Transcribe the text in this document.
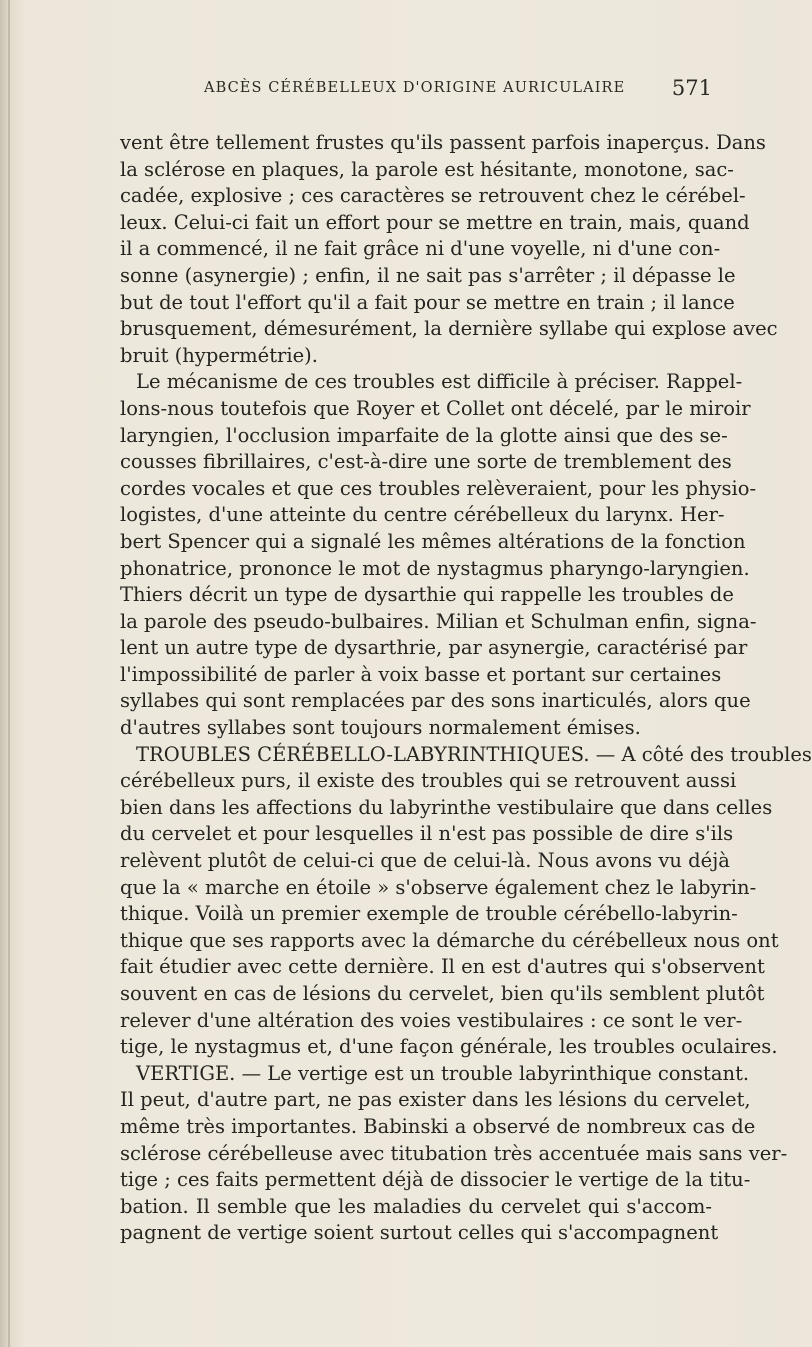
ABCÈS CÉRÉBELLEUX D'ORIGINE AURICULAIRE 571
vent être tellement frustes qu'ils passent parfois inaperçus. Dans
la sclérose en plaques, la parole est hésitante, monotone, sac-
cadée, explosive ; ces caractères se retrouvent chez le cérébel-
leux. Celui-ci fait un effort pour se mettre en train, mais, quand
il a commencé, il ne fait grâce ni d'une voyelle, ni d'une con-
sonne (asynergie) ; enfin, il ne sait pas s'arrêter ; il dépasse le
but de tout l'effort qu'il a fait pour se mettre en train ; il lance
brusquement, démesurément, la dernière syllabe qui explose avec
bruit (hypermétrie).
Le mécanisme de ces troubles est difficile à préciser. Rappel-
lons-nous toutefois que Royer et Collet ont décelé, par le miroir
laryngien, l'occlusion imparfaite de la glotte ainsi que des se-
cousses fibrillaires, c'est-à-dire une sorte de tremblement des
cordes vocales et que ces troubles relèveraient, pour les physio-
logistes, d'une atteinte du centre cérébelleux du larynx. Her-
bert Spencer qui a signalé les mêmes altérations de la fonction
phonatrice, prononce le mot de nystagmus pharyngo-laryngien.
Thiers décrit un type de dysarthie qui rappelle les troubles de
la parole des pseudo-bulbaires. Milian et Schulman enfin, signa-
lent un autre type de dysarthrie, par asynergie, caractérisé par
l'impossibilité de parler à voix basse et portant sur certaines
syllabes qui sont remplacées par des sons inarticulés, alors que
d'autres syllabes sont toujours normalement émises.
TROUBLES CÉRÉBELLO-LABYRINTHIQUES. — A côté des troubles
cérébelleux purs, il existe des troubles qui se retrouvent aussi
bien dans les affections du labyrinthe vestibulaire que dans celles
du cervelet et pour lesquelles il n'est pas possible de dire s'ils
relèvent plutôt de celui-ci que de celui-là. Nous avons vu déjà
que la « marche en étoile » s'observe également chez le labyrin-
thique. Voilà un premier exemple de trouble cérébello-labyrin-
thique que ses rapports avec la démarche du cérébelleux nous ont
fait étudier avec cette dernière. Il en est d'autres qui s'observent
souvent en cas de lésions du cervelet, bien qu'ils semblent plutôt
relever d'une altération des voies vestibulaires : ce sont le ver-
tige, le nystagmus et, d'une façon générale, les troubles oculaires.
VERTIGE. — Le vertige est un trouble labyrinthique constant.
Il peut, d'autre part, ne pas exister dans les lésions du cervelet,
même très importantes. Babinski a observé de nombreux cas de
sclérose cérébelleuse avec titubation très accentuée mais sans ver-
tige ; ces faits permettent déjà de dissocier le vertige de la titu-
bation. Il semble que les maladies du cervelet qui s'accom-
pagnent de vertige soient surtout celles qui s'accompagnent
